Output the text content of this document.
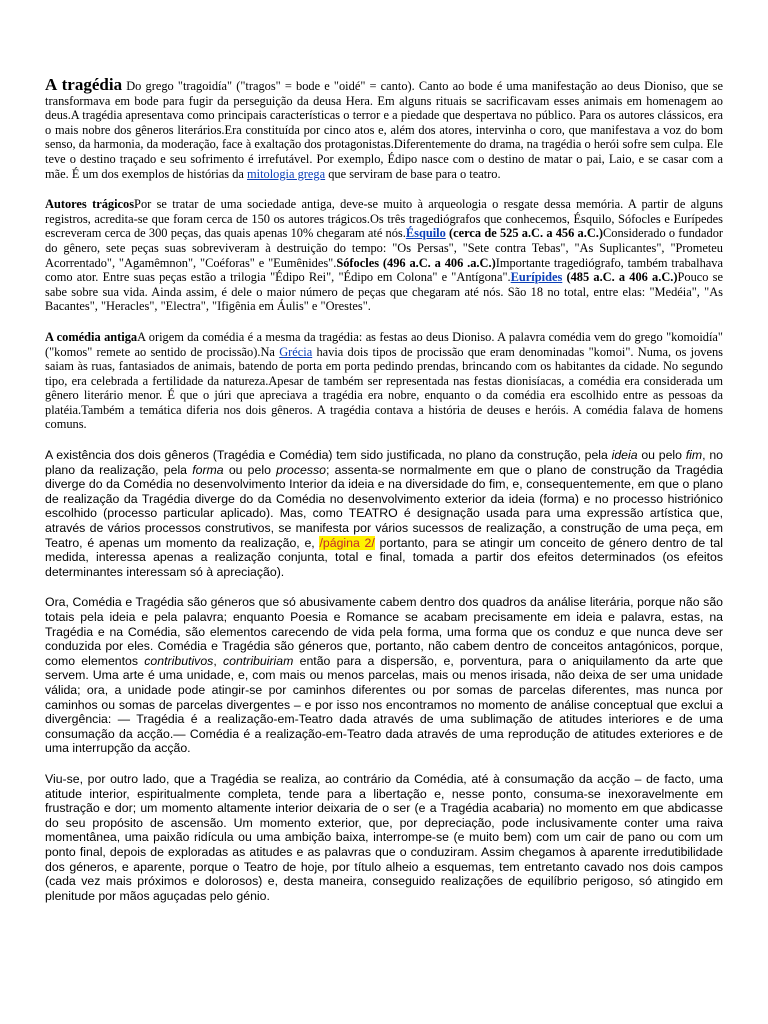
A tragédia Do grego "tragoidía" ("tragos" = bode e "oidé" = canto). Canto ao bode é uma manifestação ao deus Dioniso, que se transformava em bode para fugir da perseguição da deusa Hera. Em alguns rituais se sacrificavam esses animais em homenagem ao deus.A tragédia apresentava como principais características o terror e a piedade que despertava no público. Para os autores clássicos, era o mais nobre dos gêneros literários.Era constituída por cinco atos e, além dos atores, intervinha o coro, que manifestava a voz do bom senso, da harmonia, da moderação, face à exaltação dos protagonistas.Diferentemente do drama, na tragédia o herói sofre sem culpa. Ele teve o destino traçado e seu sofrimento é irrefutável. Por exemplo, Édipo nasce com o destino de matar o pai, Laio, e se casar com a mãe. É um dos exemplos de histórias da mitologia grega que serviram de base para o teatro.

Autores trágicosPor se tratar de uma sociedade antiga, deve-se muito à arqueologia o resgate dessa memória. A partir de alguns registros, acredita-se que foram cerca de 150 os autores trágicos.Os três tragediógrafos que conhecemos, Ésquilo, Sófocles e Eurípedes escreveram cerca de 300 peças, das quais apenas 10% chegaram até nós.Ésquilo (cerca de 525 a.C. a 456 a.C.)Considerado o fundador do gênero, sete peças suas sobreviveram à destruição do tempo: "Os Persas", "Sete contra Tebas", "As Suplicantes", "Prometeu Acorrentado", "Agamêmnon", "Coéforas" e "Eumênides".Sófocles (496 a.C. a 406 .a.C.)Importante tragediógrafo, também trabalhava como ator. Entre suas peças estão a trilogia "Édipo Rei", "Édipo em Colona" e "Antígona".Eurípides (485 a.C. a 406 a.C.)Pouco se sabe sobre sua vida. Ainda assim, é dele o maior número de peças que chegaram até nós. São 18 no total, entre elas: "Medéia", "As Bacantes", "Heracles", "Electra", "Ifigênia em Áulis" e "Orestes".

A comédia antigaA origem da comédia é a mesma da tragédia: as festas ao deus Dioniso. A palavra comédia vem do grego "komoidía" ("komos" remete ao sentido de procissão).Na Grécia havia dois tipos de procissão que eram denominadas "komoi". Numa, os jovens saiam às ruas, fantasiados de animais, batendo de porta em porta pedindo prendas, brincando com os habitantes da cidade. No segundo tipo, era celebrada a fertilidade da natureza.Apesar de também ser representada nas festas dionisíacas, a comédia era considerada um gênero literário menor. É que o júri que apreciava a tragédia era nobre, enquanto o da comédia era escolhido entre as pessoas da platéia.Também a temática diferia nos dois gêneros. A tragédia contava a história de deuses e heróis. A comédia falava de homens comuns.

A existência dos dois gêneros (Tragédia e Comédia) tem sido justificada, no plano da construção, pela ideia ou pelo fim, no plano da realização, pela forma ou pelo processo; assenta-se normalmente em que o plano de construção da Tragédia diverge do da Comédia no desenvolvimento Interior da ideia e na diversidade do fim, e, consequentemente, em que o plano de realização da Tragédia diverge do da Comédia no desenvolvimento exterior da ideia (forma) e no processo histriónico escolhido (processo particular aplicado). Mas, como TEATRO é designação usada para uma expressão artística que, através de vários processos construtivos, se manifesta por vários sucessos de realização, a construção de uma peça, em Teatro, é apenas um momento da realização, e, /página 2/ portanto, para se atingir um conceito de género dentro de tal medida, interessa apenas a realização conjunta, total e final, tomada a partir dos efeitos determinados (os efeitos determinantes interessam só à apreciação).

Ora, Comédia e Tragédia são géneros que só abusivamente cabem dentro dos quadros da análise literária, porque não são totais pela ideia e pela palavra; enquanto Poesia e Romance se acabam precisamente em ideia e palavra, estas, na Tragédia e na Comédia, são elementos carecendo de vida pela forma, uma forma que os conduz e que nunca deve ser conduzida por eles. Comédia e Tragédia são géneros que, portanto, não cabem dentro de conceitos antagónicos, porque, como elementos contributivos, contribuiriam então para a dispersão, e, porventura, para o aniquilamento da arte que servem. Uma arte é uma unidade, e, com mais ou menos parcelas, mais ou menos irisada, não deixa de ser uma unidade válida; ora, a unidade pode atingir-se por caminhos diferentes ou por somas de parcelas diferentes, mas nunca por caminhos ou somas de parcelas divergentes – e por isso nos encontramos no momento de análise conceptual que exclui a divergência: — Tragédia é a realização-em-Teatro dada através de uma sublimação de atitudes interiores e de uma consumação da acção.— Comédia é a realização-em-Teatro dada através de uma reprodução de atitudes exteriores e de uma interrupção da acção.

Viu-se, por outro lado, que a Tragédia se realiza, ao contrário da Comédia, até à consumação da acção – de facto, uma atitude interior, espiritualmente completa, tende para a libertação e, nesse ponto, consuma-se inexoravelmente em frustração e dor; um momento altamente interior deixaria de o ser (e a Tragédia acabaria) no momento em que abdicasse do seu propósito de ascensão. Um momento exterior, que, por depreciação, pode inclusivamente conter uma raiva momentânea, uma paixão ridícula ou uma ambição baixa, interrompe-se (e muito bem) com um cair de pano ou com um ponto final, depois de exploradas as atitudes e as palavras que o conduziram. Assim chegamos à aparente irredutibilidade dos géneros, e aparente, porque o Teatro de hoje, por título alheio a esquemas, tem entretanto cavado nos dois campos (cada vez mais próximos e dolorosos) e, desta maneira, conseguido realizações de equilíbrio perigoso, só atingido em plenitude por mãos aguçadas pelo génio.
